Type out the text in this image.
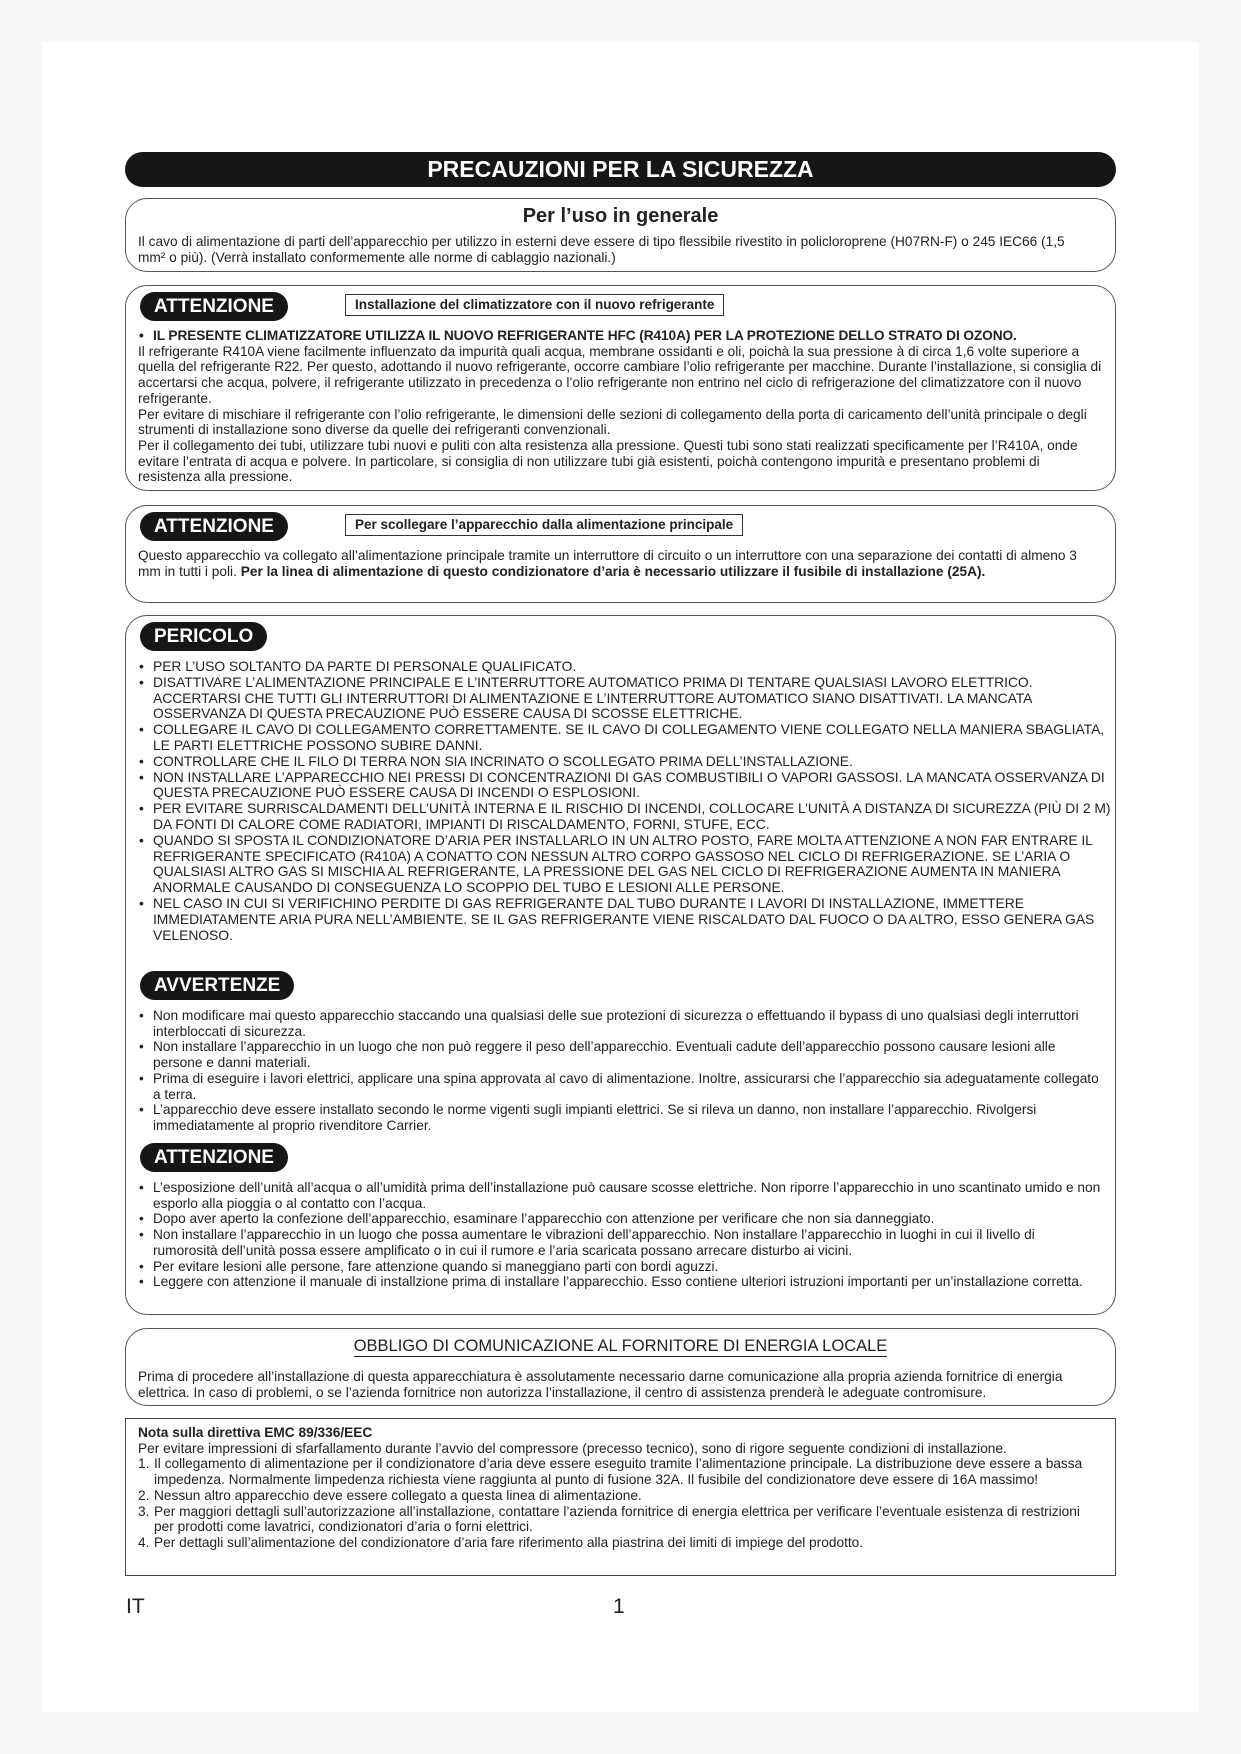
PRECAUZIONI PER LA SICUREZZA
Per l’uso in generale
Il cavo di alimentazione di parti dell’apparecchio per utilizzo in esterni deve essere di tipo flessibile rivestito in policloroprene (H07RN-F) o 245 IEC66 (1,5 mm² o più). (Verrà installato conformemente alle norme di cablaggio nazionali.)
ATTENZIONE	Installazione del climatizzatore con il nuovo refrigerante
• IL PRESENTE CLIMATIZZATORE UTILIZZA IL NUOVO REFRIGERANTE HFC (R410A) PER LA PROTEZIONE DELLO STRATO DI OZONO.

Il refrigerante R410A viene facilmente influenzato da impurità quali acqua, membrane ossidanti e oli, poichà la sua pressione à di circa 1,6 volte superiore a quella del refrigerante R22. Per questo, adottando il nuovo refrigerante, occorre cambiare l’olio refrigerante per macchine. Durante l’installazione, si consiglia di accertarsi che acqua, polvere, il refrigerante utilizzato in precedenza o l’olio refrigerante non entrino nel ciclo di refrigerazione del climatizzatore con il nuovo refrigerante.

Per evitare di mischiare il refrigerante con l’olio refrigerante, le dimensioni delle sezioni di collegamento della porta di caricamento dell’unità principale o degli strumenti di installazione sono diverse da quelle dei refrigeranti convenzionali.

Per il collegamento dei tubi, utilizzare tubi nuovi e puliti con alta resistenza alla pressione. Questi tubi sono stati realizzati specificamente per l’R410A, onde evitare l’entrata di acqua e polvere. In particolare, si consiglia di non utilizzare tubi già esistenti, poichà contengono impurità e presentano problemi di resistenza alla pressione.

ATTENZIONE	Per scollegare l’apparecchio dalla alimentazione principale
Questo apparecchio va collegato all’alimentazione principale tramite un interruttore di circuito o un interruttore con una separazione dei contatti di almeno 3 mm in tutti i poli. Per la linea di alimentazione di questo condizionatore d’aria è necessario utilizzare il fusibile di installazione (25A).
PERICOLO
• PER L’USO SOLTANTO DA PARTE DI PERSONALE QUALIFICATO.
• DISATTIVARE L’ALIMENTAZIONE PRINCIPALE E L’INTERRUTTORE AUTOMATICO PRIMA DI TENTARE QUALSIASI LAVORO ELETTRICO. ACCERTARSI CHE TUTTI GLI INTERRUTTORI DI ALIMENTAZIONE E L’INTERRUTTORE AUTOMATICO SIANO DISATTIVATI. LA MANCATA OSSERVANZA DI QUESTA PRECAUZIONE PUÒ ESSERE CAUSA DI SCOSSE ELETTRICHE.
• COLLEGARE IL CAVO DI COLLEGAMENTO CORRETTAMENTE. SE IL CAVO DI COLLEGAMENTO VIENE COLLEGATO NELLA MANIERA SBAGLIATA, LE PARTI ELETTRICHE POSSONO SUBIRE DANNI.
• CONTROLLARE CHE IL FILO DI TERRA NON SIA INCRINATO O SCOLLEGATO PRIMA DELL’INSTALLAZIONE.
• NON INSTALLARE L’APPARECCHIO NEI PRESSI DI CONCENTRAZIONI DI GAS COMBUSTIBILI O VAPORI GASSOSI. LA MANCATA OSSERVANZA DI QUESTA PRECAUZIONE PUÒ ESSERE CAUSA DI INCENDI O ESPLOSIONI.
• PER EVITARE SURRISCALDAMENTI DELL’UNITÀ INTERNA E IL RISCHIO DI INCENDI, COLLOCARE L’UNITÀ A DISTANZA DI SICUREZZA (PIÙ DI 2 M) DA FONTI DI CALORE COME RADIATORI, IMPIANTI DI RISCALDAMENTO, FORNI, STUFE, ECC.
• QUANDO SI SPOSTA IL CONDIZIONATORE D’ARIA PER INSTALLARLO IN UN ALTRO POSTO, FARE MOLTA ATTENZIONE A NON FAR ENTRARE IL REFRIGERANTE SPECIFICATO (R410A) A CONATTO CON NESSUN ALTRO CORPO GASSOSO NEL CICLO DI REFRIGERAZIONE. SE L’ARIA O QUALSIASI ALTRO GAS SI MISCHIA AL REFRIGERANTE, LA PRESSIONE DEL GAS NEL CICLO DI REFRIGERAZIONE AUMENTA IN MANIERA ANORMALE CAUSANDO DI CONSEGUENZA LO SCOPPIO DEL TUBO E LESIONI ALLE PERSONE.
• NEL CASO IN CUI SI VERIFICHINO PERDITE DI GAS REFRIGERANTE DAL TUBO DURANTE I LAVORI DI INSTALLAZIONE, IMMETTERE IMMEDIATAMENTE ARIA PURA NELL’AMBIENTE. SE IL GAS REFRIGERANTE VIENE RISCALDATO DAL FUOCO O DA ALTRO, ESSO GENERA GAS VELENOSO.
AVVERTENZE
• Non modificare mai questo apparecchio staccando una qualsiasi delle sue protezioni di sicurezza o effettuando il bypass di uno qualsiasi degli interruttori interbloccati di sicurezza.
• Non installare l’apparecchio in un luogo che non può reggere il peso dell’apparecchio. Eventuali cadute dell’apparecchio possono causare lesioni alle persone e danni materiali.
• Prima di eseguire i lavori elettrici, applicare una spina approvata al cavo di alimentazione. Inoltre, assicurarsi che l’apparecchio sia adeguatamente collegato a terra.
• L’apparecchio deve essere installato secondo le norme vigenti sugli impianti elettrici. Se si rileva un danno, non installare l’apparecchio. Rivolgersi immediatamente al proprio rivenditore Carrier.
ATTENZIONE
• L’esposizione dell’unità all’acqua o all’umidità prima dell’installazione può causare scosse elettriche. Non riporre l’apparecchio in uno scantinato umido e non esporlo alla pioggia o al contatto con l’acqua.
• Dopo aver aperto la confezione dell’apparecchio, esaminare l’apparecchio con attenzione per verificare che non sia danneggiato.
• Non installare l’apparecchio in un luogo che possa aumentare le vibrazioni dell’apparecchio. Non installare l’apparecchio in luoghi in cui il livello di rumorosità dell’unità possa essere amplificato o in cui il rumore e l’aria scaricata possano arrecare disturbo ai vicini.
• Per evitare lesioni alle persone, fare attenzione quando si maneggiano parti con bordi aguzzi.
• Leggere con attenzione il manuale di installzione prima di installare l’apparecchio. Esso contiene ulteriori istruzioni importanti per un’installazione corretta.
OBBLIGO DI COMUNICAZIONE AL FORNITORE DI ENERGIA LOCALE
Prima di procedere all’installazione di questa apparecchiatura è assolutamente necessario darne comunicazione alla propria azienda fornitrice di energia elettrica. In caso di problemi, o se l’azienda fornitrice non autorizza l’installazione, il centro di assistenza prenderà le adeguate contromisure.

Nota sulla direttiva EMC 89/336/EEC

Per evitare impressioni di sfarfallamento durante l’avvio del compressore (precesso tecnico), sono di rigore seguente condizioni di installazione.

1. Il collegamento di alimentazione per il condizionatore d’aria deve essere eseguito tramite l’alimentazione principale. La distribuzione deve essere a bassa impedenza. Normalmente limpedenza richiesta viene raggiunta al punto di fusione 32A. Il fusibile del condizionatore deve essere di 16A massimo!
2. Nessun altro apparecchio deve essere collegato a questa linea di alimentazione.
3. Per maggiori dettagli sull’autorizzazione all’installazione, contattare l’azienda fornitrice di energia elettrica per verificare l’eventuale esistenza di restrizioni per prodotti come lavatrici, condizionatori d’aria o forni elettrici.
4. Per dettagli sull’alimentazione del condizionatore d’aria fare riferimento alla piastrina dei limiti di impiege del prodotto.
IT	1
